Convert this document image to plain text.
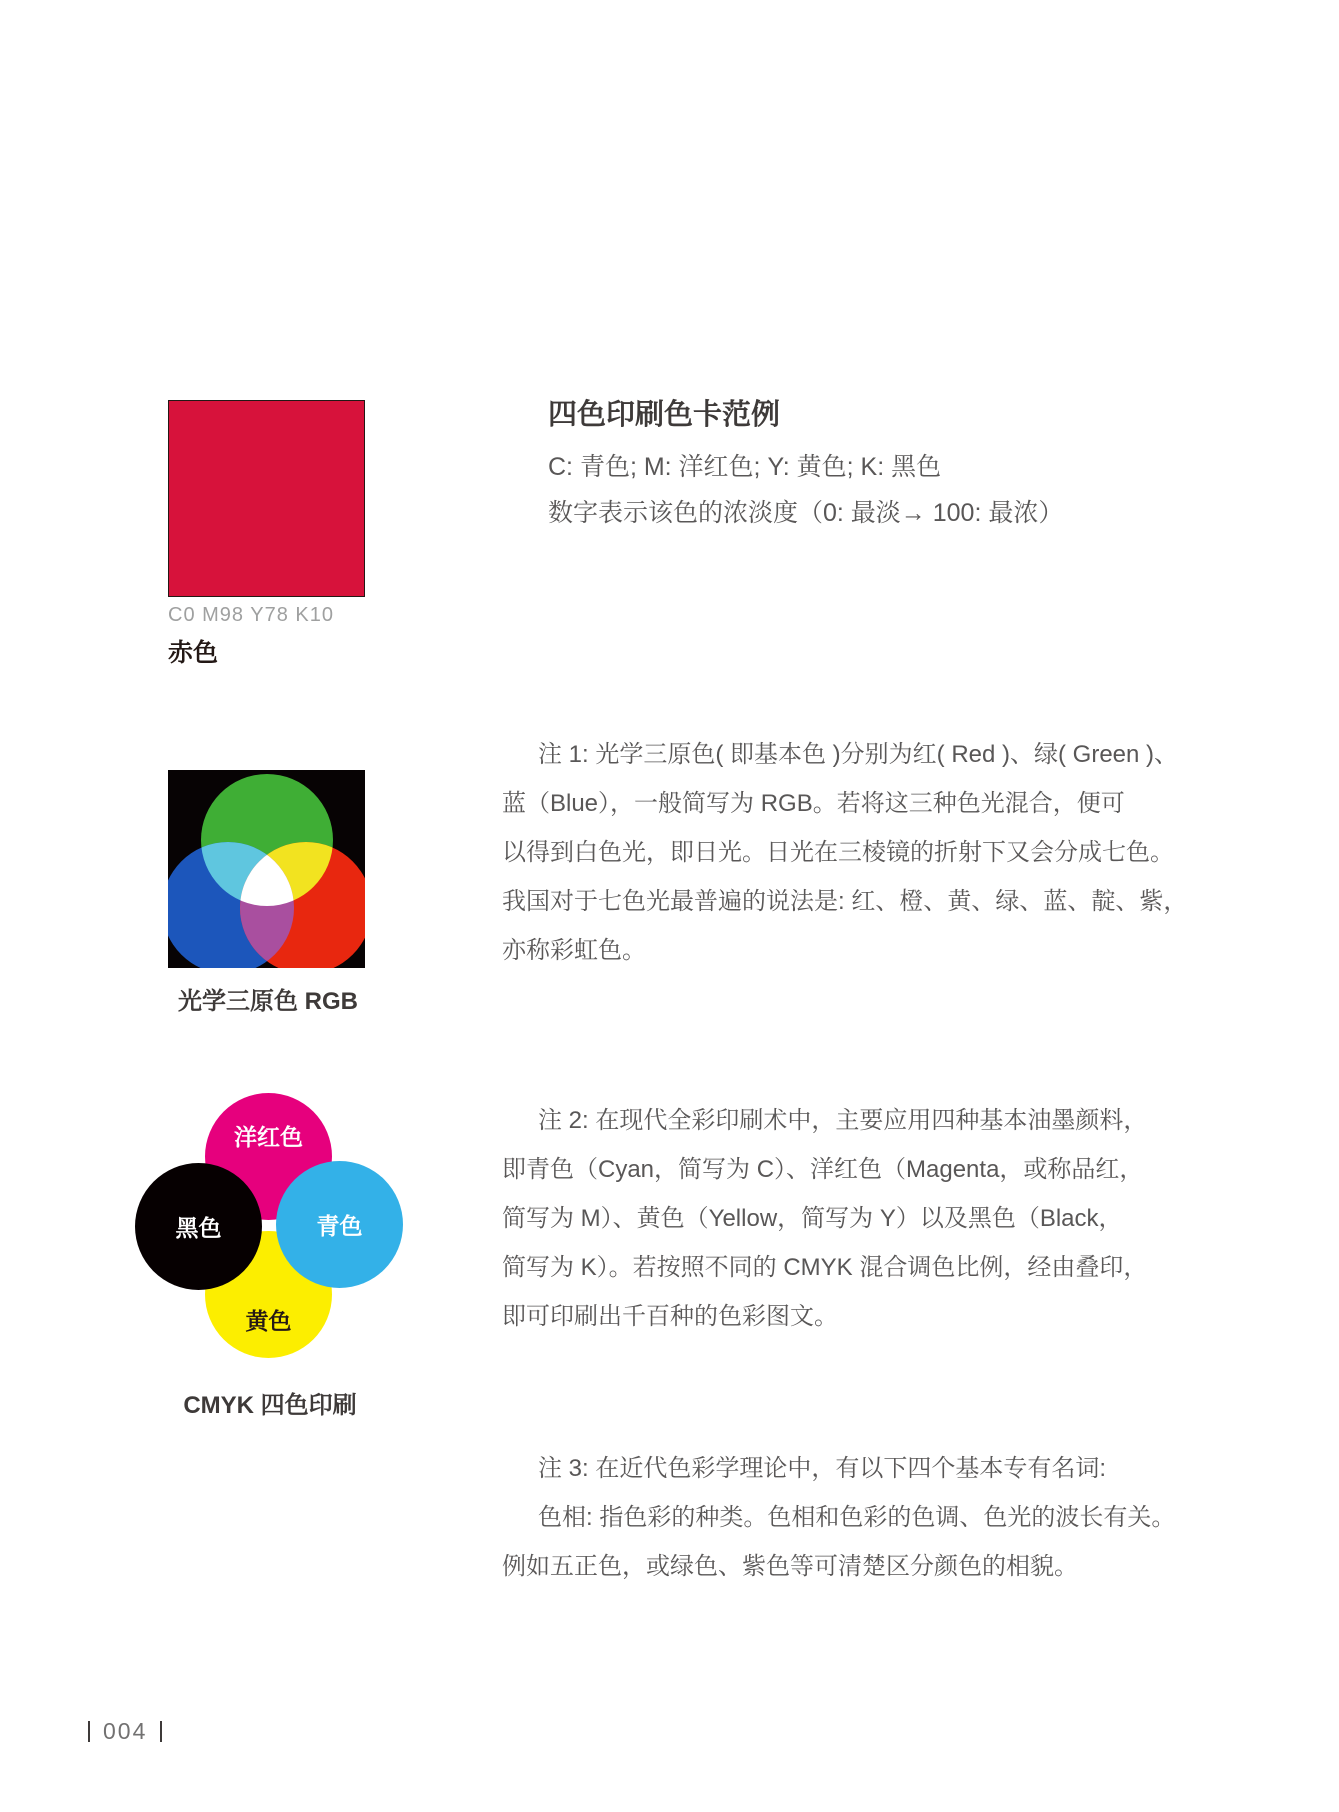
C0 M98 Y78 K10
赤色
四色印刷色卡范例
C: 青色; M: 洋红色; Y: 黄色; K: 黑色
数字表示该色的浓淡度（0: 最淡→ 100: 最浓）
光学三原色 RGB
注 1: 光学三原色( 即基本色 )分别为红( Red )、绿( Green )、
蓝（Blue），一般简写为 RGB。若将这三种色光混合，便可
以得到白色光，即日光。日光在三棱镜的折射下又会分成七色。
我国对于七色光最普遍的说法是: 红、橙、黄、绿、蓝、靛、紫，
亦称彩虹色。
洋红色
黄色
黑色	青色
CMYK 四色印刷
注 2: 在现代全彩印刷术中，主要应用四种基本油墨颜料，
即青色（Cyan，简写为 C）、洋红色（Magenta，或称品红，
简写为 M）、黄色（Yellow，简写为 Y）以及黑色（Black，
简写为 K）。若按照不同的 CMYK 混合调色比例，经由叠印，
即可印刷出千百种的色彩图文。
注 3: 在近代色彩学理论中，有以下四个基本专有名词:
色相: 指色彩的种类。色相和色彩的色调、色光的波长有关。
例如五正色，或绿色、紫色等可清楚区分颜色的相貌。
004
